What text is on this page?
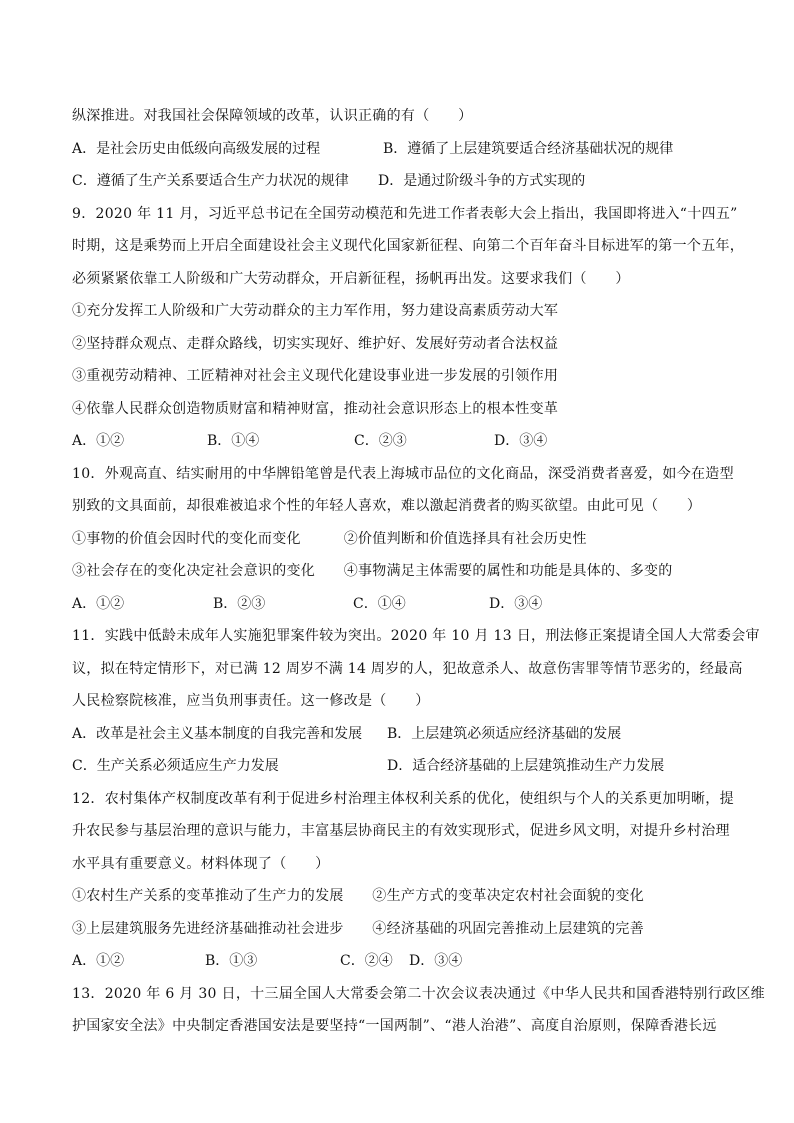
纵深推进。对我国社会保障领域的改革，认识正确的有（　　）
A．是社会历史由低级向高级发展的过程	B．遵循了上层建筑要适合经济基础状况的规律
C．遵循了生产关系要适合生产力状况的规律	D．是通过阶级斗争的方式实现的
9．2020 年 11 月，习近平总书记在全国劳动模范和先进工作者表彰大会上指出，我国即将进入“十四五”
时期，这是乘势而上开启全面建设社会主义现代化国家新征程、向第二个百年奋斗目标进军的第一个五年，
必须紧紧依靠工人阶级和广大劳动群众，开启新征程，扬帆再出发。这要求我们（　　）
①充分发挥工人阶级和广大劳动群众的主力军作用，努力建设高素质劳动大军
②坚持群众观点、走群众路线，切实实现好、维护好、发展好劳动者合法权益
③重视劳动精神、工匠精神对社会主义现代化建设事业进一步发展的引领作用
④依靠人民群众创造物质财富和精神财富，推动社会意识形态上的根本性变革
A．①②	B．①④	C．②③	D．③④
10．外观高直、结实耐用的中华牌铅笔曾是代表上海城市品位的文化商品，深受消费者喜爱，如今在造型
别致的文具面前，却很难被追求个性的年轻人喜欢，难以激起消费者的购买欲望。由此可见（　　）
①事物的价值会因时代的变化而变化　　　②价值判断和价值选择具有社会历史性
③社会存在的变化决定社会意识的变化　　④事物满足主体需要的属性和功能是具体的、多变的
A．①②	B．②③	C．①④	D．③④
11．实践中低龄未成年人实施犯罪案件较为突出。2020 年 10 月 13 日，刑法修正案提请全国人大常委会审
议，拟在特定情形下，对已满 12 周岁不满 14 周岁的人，犯故意杀人、故意伤害罪等情节恶劣的，经最高
人民检察院核准，应当负刑事责任。这一修改是（　　）
A．改革是社会主义基本制度的自我完善和发展	B．上层建筑必须适应经济基础的发展
C．生产关系必须适应生产力发展	D．适合经济基础的上层建筑推动生产力发展
12．农村集体产权制度改革有利于促进乡村治理主体权利关系的优化，使组织与个人的关系更加明晰，提
升农民参与基层治理的意识与能力，丰富基层协商民主的有效实现形式，促进乡风文明，对提升乡村治理
水平具有重要意义。材料体现了（　　）
①农村生产关系的变革推动了生产力的发展　　②生产方式的变革决定农村社会面貌的变化
③上层建筑服务先进经济基础推动社会进步　　④经济基础的巩固完善推动上层建筑的完善
A．①②	B．①③	C．②④	D．③④
13．2020 年 6 月 30 日，十三届全国人大常委会第二十次会议表决通过《中华人民共和国香港特别行政区维
护国家安全法》中央制定香港国安法是要坚持“一国两制”、“港人治港”、高度自治原则，保障香港长远
